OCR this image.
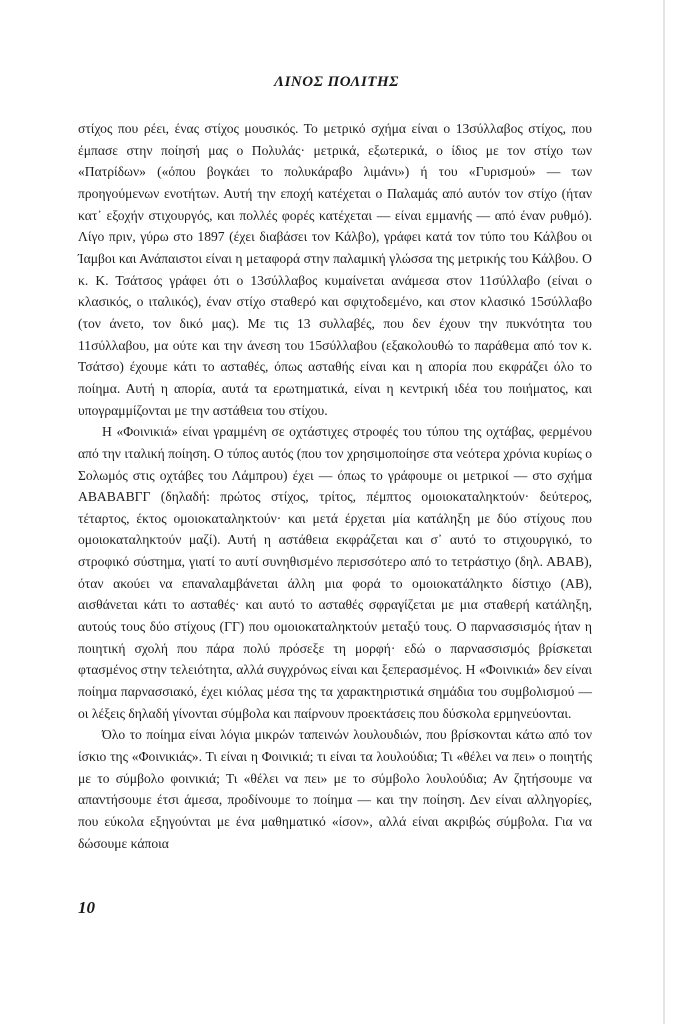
ΛΙΝΟΣ ΠΟΛΙΤΗΣ

στίχος που ρέει, ένας στίχος μουσικός. Το μετρικό σχήμα είναι ο 13σύλλαβος στίχος, που έμπασε στην ποίησή μας ο Πολυλάς· μετρικά, εξωτερικά, ο ίδιος με τον στίχο των «Πατρίδων» («όπου βογκάει το πολυκάραβο λιμάνι») ή του «Γυρισμού» — των προηγούμενων ενοτήτων. Αυτή την εποχή κατέχεται ο Παλαμάς από αυτόν τον στίχο (ήταν κατ᾽ εξοχήν στιχουργός, και πολλές φορές κατέχεται — είναι εμμανής — από έναν ρυθμό). Λίγο πριν, γύρω στο 1897 (έχει διαβάσει τον Κάλβο), γράφει κατά τον τύπο του Κάλβου οι Ίαμβοι και Ανάπαιστοι είναι η μεταφορά στην παλαμική γλώσσα της μετρικής του Κάλβου. Ο κ. Κ. Τσάτσος γράφει ότι ο 13σύλλαβος κυμαίνεται ανάμεσα στον 11σύλλαβο (είναι ο κλασικός, ο ιταλικός), έναν στίχο σταθερό και σφιχτοδεμένο, και στον κλασικό 15σύλλαβο (τον άνετο, τον δικό μας). Με τις 13 συλλαβές, που δεν έχουν την πυκνότητα του 11σύλλαβου, μα ούτε και την άνεση του 15σύλλαβου (εξακολουθώ το παράθεμα από τον κ. Τσάτσο) έχουμε κάτι το ασταθές, όπως ασταθής είναι και η απορία που εκφράζει όλο το ποίημα. Αυτή η απορία, αυτά τα ερωτηματικά, είναι η κεντρική ιδέα του ποιήματος, και υπογραμμίζονται με την αστάθεια του στίχου.

Η «Φοινικιά» είναι γραμμένη σε οχτάστιχες στροφές του τύπου της οχτάβας, φερμένου από την ιταλική ποίηση. Ο τύπος αυτός (που τον χρησιμοποίησε στα νεότερα χρόνια κυρίως ο Σολωμός στις οχτάβες του Λάμπρου) έχει — όπως το γράφουμε οι μετρικοί — στο σχήμα ΑΒΑΒΑΒΓΓ (δηλαδή: πρώτος στίχος, τρίτος, πέμπτος ομοιοκαταληκτούν· δεύτερος, τέταρτος, έκτος ομοιοκαταληκτούν· και μετά έρχεται μία κατάληξη με δύο στίχους που ομοιοκαταληκτούν μαζί). Αυτή η αστάθεια εκφράζεται και σ᾽ αυτό το στιχουργικό, το στροφικό σύστημα, γιατί το αυτί συνηθισμένο περισσότερο από το τετράστιχο (δηλ. ΑΒΑΒ), όταν ακούει να επαναλαμβάνεται άλλη μια φορά το ομοιοκατάληκτο δίστιχο (ΑΒ), αισθάνεται κάτι το ασταθές· και αυτό το ασταθές σφραγίζεται με μια σταθερή κατάληξη, αυτούς τους δύο στίχους (ΓΓ) που ομοιοκαταληκτούν μεταξύ τους. Ο παρνασσισμός ήταν η ποιητική σχολή που πάρα πολύ πρόσεξε τη μορφή· εδώ ο παρνασσισμός βρίσκεται φτασμένος στην τελειότητα, αλλά συγχρόνως είναι και ξεπερασμένος. Η «Φοινικιά» δεν είναι ποίημα παρνασσιακό, έχει κιόλας μέσα της τα χαρακτηριστικά σημάδια του συμβολισμού — οι λέξεις δηλαδή γίνονται σύμβολα και παίρνουν προεκτάσεις που δύσκολα ερμηνεύονται.

Όλο το ποίημα είναι λόγια μικρών ταπεινών λουλουδιών, που βρίσκονται κάτω από τον ίσκιο της «Φοινικιάς». Τι είναι η Φοινικιά; τι είναι τα λουλούδια; Τι «θέλει να πει» ο ποιητής με το σύμβολο φοινικιά; Τι «θέλει να πει» με το σύμβολο λουλούδια; Αν ζητήσουμε να απαντήσουμε έτσι άμεσα, προδίνουμε το ποίημα — και την ποίηση. Δεν είναι αλληγορίες, που εύκολα εξηγούνται με ένα μαθηματικό «ίσον», αλλά είναι ακριβώς σύμβολα. Για να δώσουμε κάποια

10
